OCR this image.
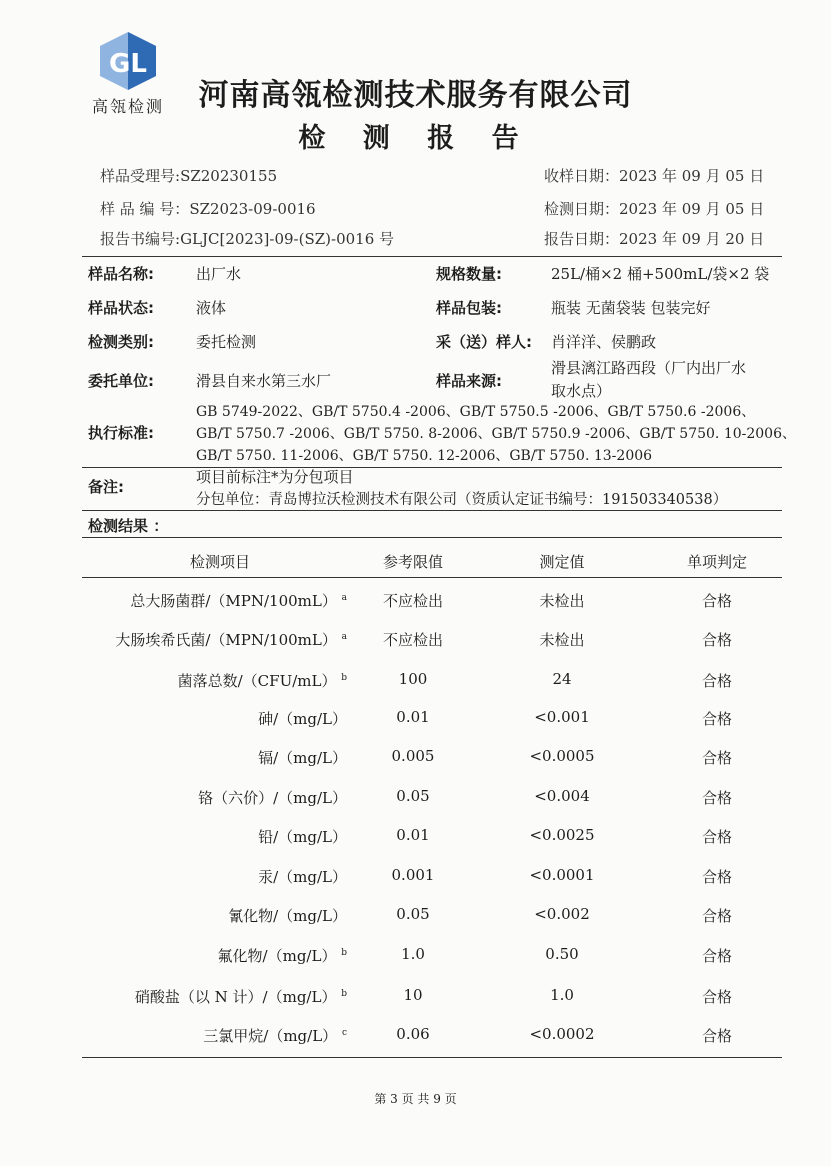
GL
高瓴检测	河南高瓴检测技术服务有限公司
检 测 报 告
样品受理号:SZ20230155
样 品 编 号：SZ2023-09-0016
报告书编号:GLJC[2023]-09-(SZ)-0016 号
收样日期：2023 年 09 月 05 日
检测日期：2023 年 09 月 05 日
报告日期：2023 年 09 月 20 日
样品名称:	出厂水	规格数量:	25L/桶×2 桶+500mL/袋×2 袋
样品状态:	液体	样品包装:	瓶装 无菌袋装 包装完好
检测类别:	委托检测	采（送）样人: 肖洋洋、侯鹏政
委托单位:	滑县自来水第三水厂	样品来源:
滑县漓江路西段（厂内出厂水
取水点）
执行标准:
GB 5749-2022、GB/T 5750.4 -2006、GB/T 5750.5 -2006、GB/T 5750.6 -2006、
GB/T 5750.7 -2006、GB/T 5750. 8-2006、GB/T 5750.9 -2006、GB/T 5750. 10-2006、
GB/T 5750. 11-2006、GB/T 5750. 12-2006、GB/T 5750. 13-2006
备注:
项目前标注*为分包项目
分包单位：青岛博拉沃检测技术有限公司（资质认定证书编号：191503340538）
检测结果 ：
检测项目	参考限值	测定值	单项判定
总大肠菌群/（MPN/100mL） $^a$	不应检出	未检出	合格
大肠埃希氏菌/（MPN/100mL） $^a$	不应检出	未检出	合格
菌落总数/（CFU/mL） $^b$	100	24	合格
砷/（mg/L）	0.01	<0.001	合格
镉/（mg/L）	0.005	<0.0005	合格
铬（六价）/（mg/L）	0.05	<0.004	合格
铅/（mg/L）	0.01	<0.0025	合格
汞/（mg/L）	0.001	<0.0001	合格
氰化物/（mg/L）	0.05	<0.002	合格
氟化物/（mg/L） $^b$	1.0	0.50	合格
硝酸盐（以 N 计）/（mg/L） $^b$	10	1.0	合格
三氯甲烷/（mg/L） $^c$	0.06	<0.0002	合格
第 3 页 共 9 页
